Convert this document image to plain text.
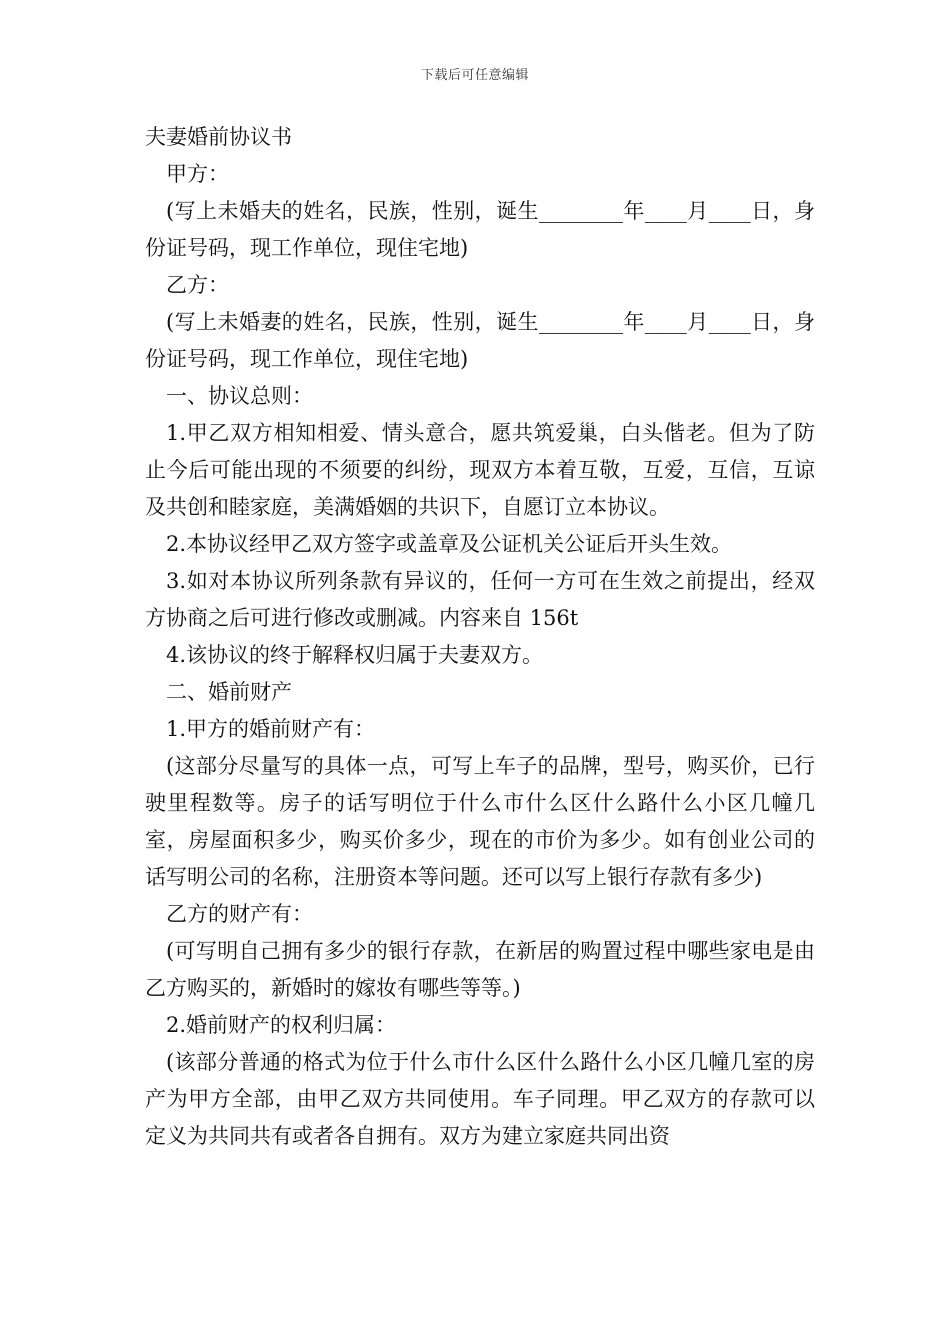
下载后可任意编辑

夫妻婚前协议书

甲方：

(写上未婚夫的姓名，民族，性别，诞生________年____月____日，身份证号码，现工作单位，现住宅地)

乙方：

(写上未婚妻的姓名，民族，性别，诞生________年____月____日，身份证号码，现工作单位，现住宅地)

一、协议总则：

1.甲乙双方相知相爱、情头意合，愿共筑爱巢，白头偕老。但为了防止今后可能出现的不须要的纠纷，现双方本着互敬，互爱，互信，互谅及共创和睦家庭，美满婚姻的共识下，自愿订立本协议。

2.本协议经甲乙双方签字或盖章及公证机关公证后开头生效。

3.如对本协议所列条款有异议的，任何一方可在生效之前提出，经双方协商之后可进行修改或删减。内容来自 156t

4.该协议的终于解释权归属于夫妻双方。

二、婚前财产

1.甲方的婚前财产有：

(这部分尽量写的具体一点，可写上车子的品牌，型号，购买价，已行驶里程数等。房子的话写明位于什么市什么区什么路什么小区几幢几室，房屋面积多少，购买价多少，现在的市价为多少。如有创业公司的话写明公司的名称，注册资本等问题。还可以写上银行存款有多少)

乙方的财产有：

(可写明自己拥有多少的银行存款，在新居的购置过程中哪些家电是由乙方购买的，新婚时的嫁妆有哪些等等。)

2.婚前财产的权利归属：

(该部分普通的格式为位于什么市什么区什么路什么小区几幢几室的房产为甲方全部，由甲乙双方共同使用。车子同理。甲乙双方的存款可以定义为共同共有或者各自拥有。双方为建立家庭共同出资
